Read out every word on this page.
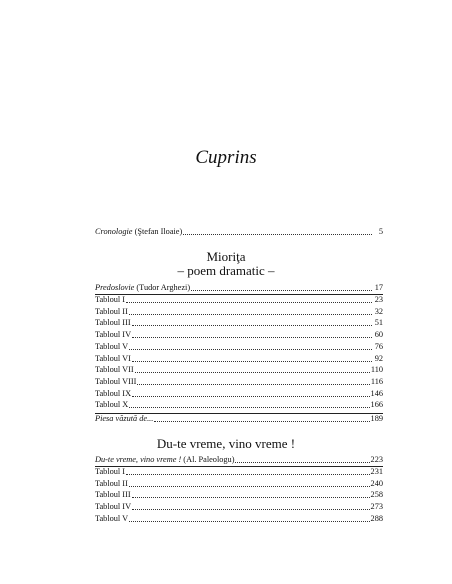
Cuprins
Cronologie (Ştefan Iloaie)	5
Mioriţa
– poem dramatic –
Predoslovie (Tudor Arghezi)	17
Tabloul I	23
Tabloul II	32
Tabloul III	51
Tabloul IV	60
Tabloul V	76
Tabloul VI	92
Tabloul VII	110
Tabloul VIII	116
Tabloul IX	146
Tabloul X	166
Piesa văzută de...	189
Du-te vreme, vino vreme !
Du-te vreme, vino vreme ! (Al. Paleologu)	223
Tabloul I	231
Tabloul II	240
Tabloul III	258
Tabloul IV	273
Tabloul V	288
